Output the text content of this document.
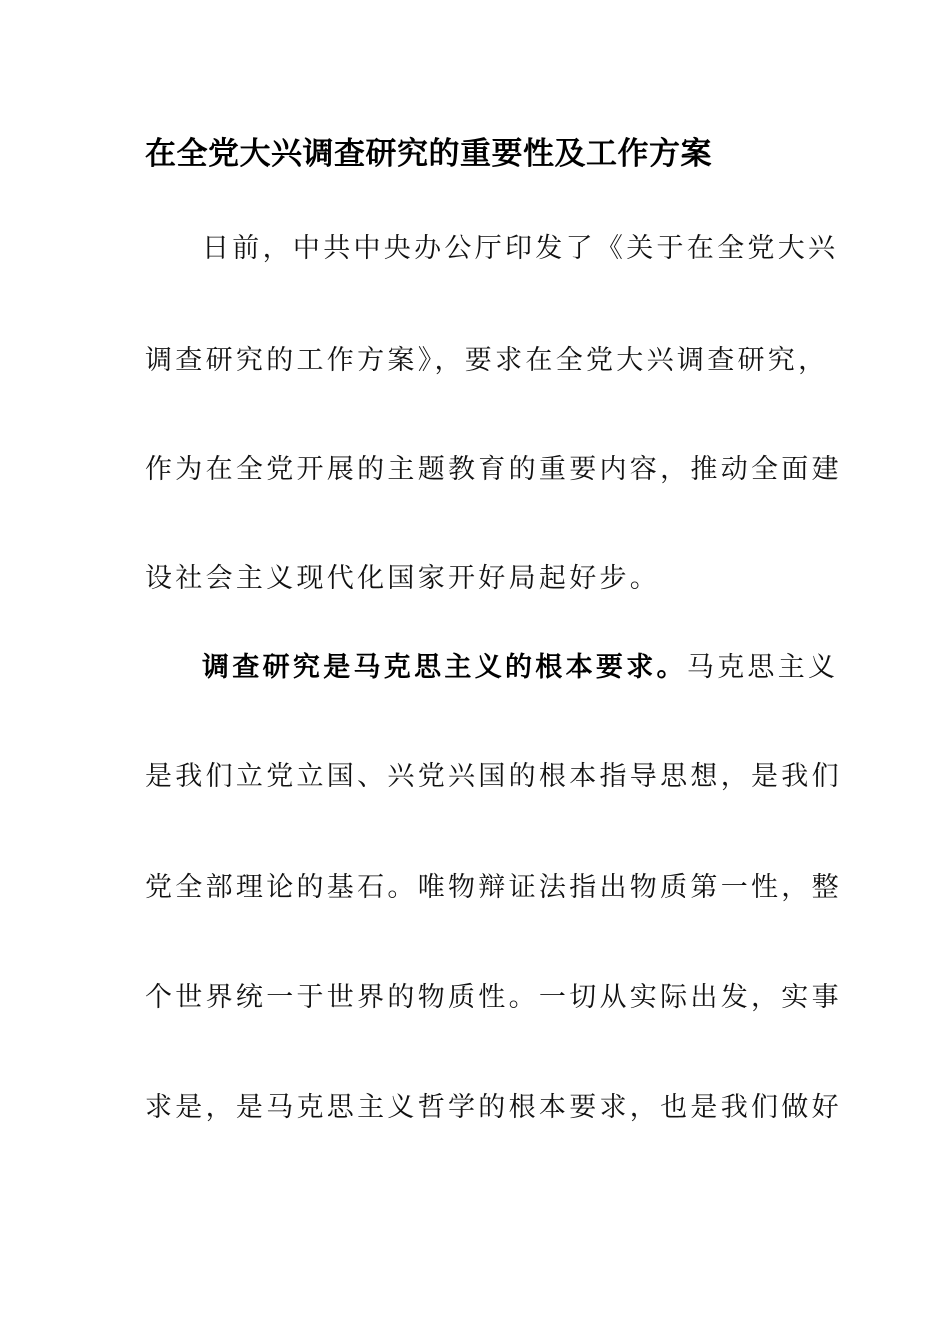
在全党大兴调查研究的重要性及工作方案
日前，中共中央办公厅印发了《关于在全党大兴
调查研究的工作方案》，要求在全党大兴调查研究，
作为在全党开展的主题教育的重要内容，推动全面建
设社会主义现代化国家开好局起好步。
调查研究是马克思主义的根本要求。马克思主义
是我们立党立国、兴党兴国的根本指导思想，是我们
党全部理论的基石。唯物辩证法指出物质第一性，整
个世界统一于世界的物质性。一切从实际出发，实事
求是，是马克思主义哲学的根本要求，也是我们做好
